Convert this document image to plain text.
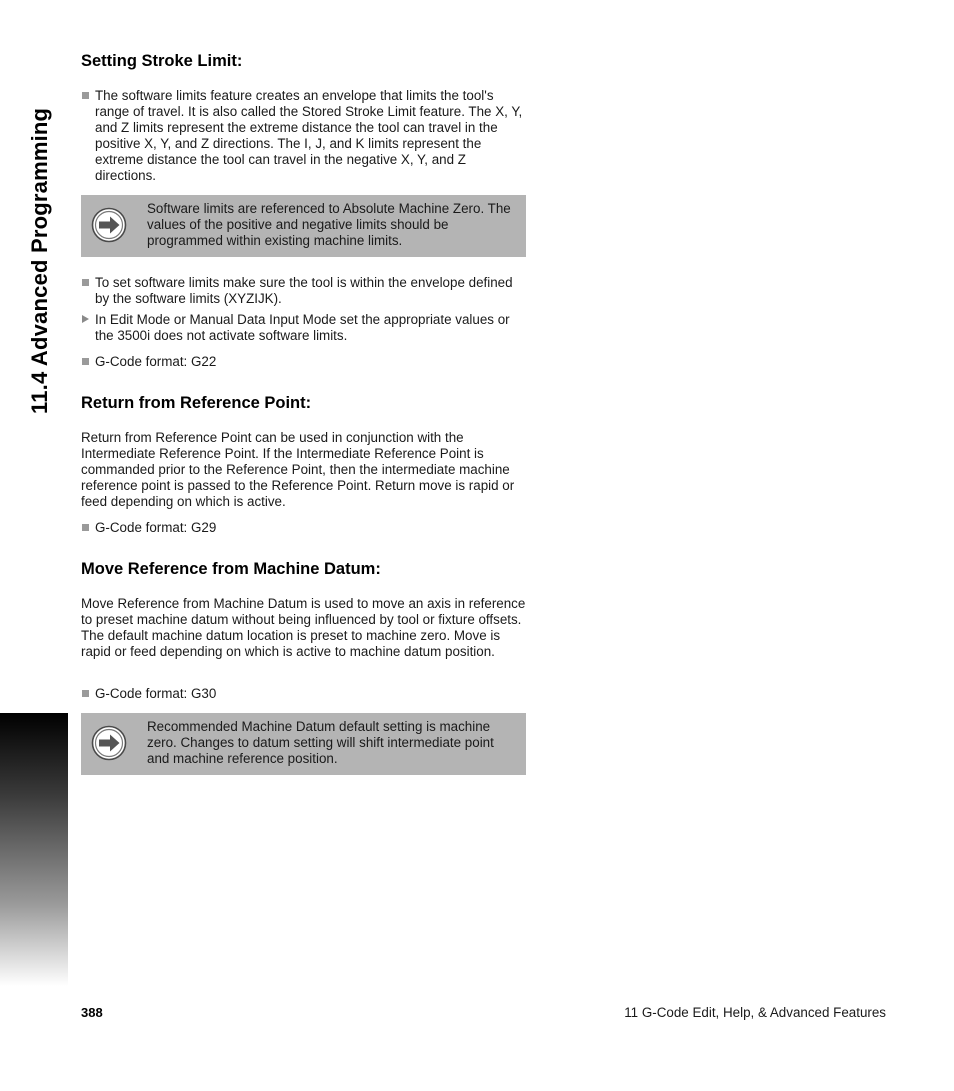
11.4 Advanced Programming
Setting Stroke Limit:
The software limits feature creates an envelope that limits the tool's range of travel. It is also called the Stored Stroke Limit feature. The X, Y, and Z limits represent the extreme distance the tool can travel in the positive X, Y, and Z directions. The I, J, and K limits represent the extreme distance the tool can travel in the negative X, Y, and Z directions.
Software limits are referenced to Absolute Machine Zero. The values of the positive and negative limits should be programmed within existing machine limits.
To set software limits make sure the tool is within the envelope defined by the software limits (XYZIJK).
In Edit Mode or Manual Data Input Mode set the appropriate values or the 3500i does not activate software limits.
G-Code format: G22
Return from Reference Point:

Return from Reference Point can be used in conjunction with the Intermediate Reference Point. If the Intermediate Reference Point is commanded prior to the Reference Point, then the intermediate machine reference point is passed to the Reference Point. Return move is rapid or feed depending on which is active.

G-Code format: G29
Move Reference from Machine Datum:

Move Reference from Machine Datum is used to move an axis in reference to preset machine datum without being influenced by tool or fixture offsets. The default machine datum location is preset to machine zero. Move is rapid or feed depending on which is active to machine datum position.

G-Code format: G30
Recommended Machine Datum default setting is machine zero. Changes to datum setting will shift intermediate point and machine reference position.
388	11 G-Code Edit, Help, & Advanced Features
